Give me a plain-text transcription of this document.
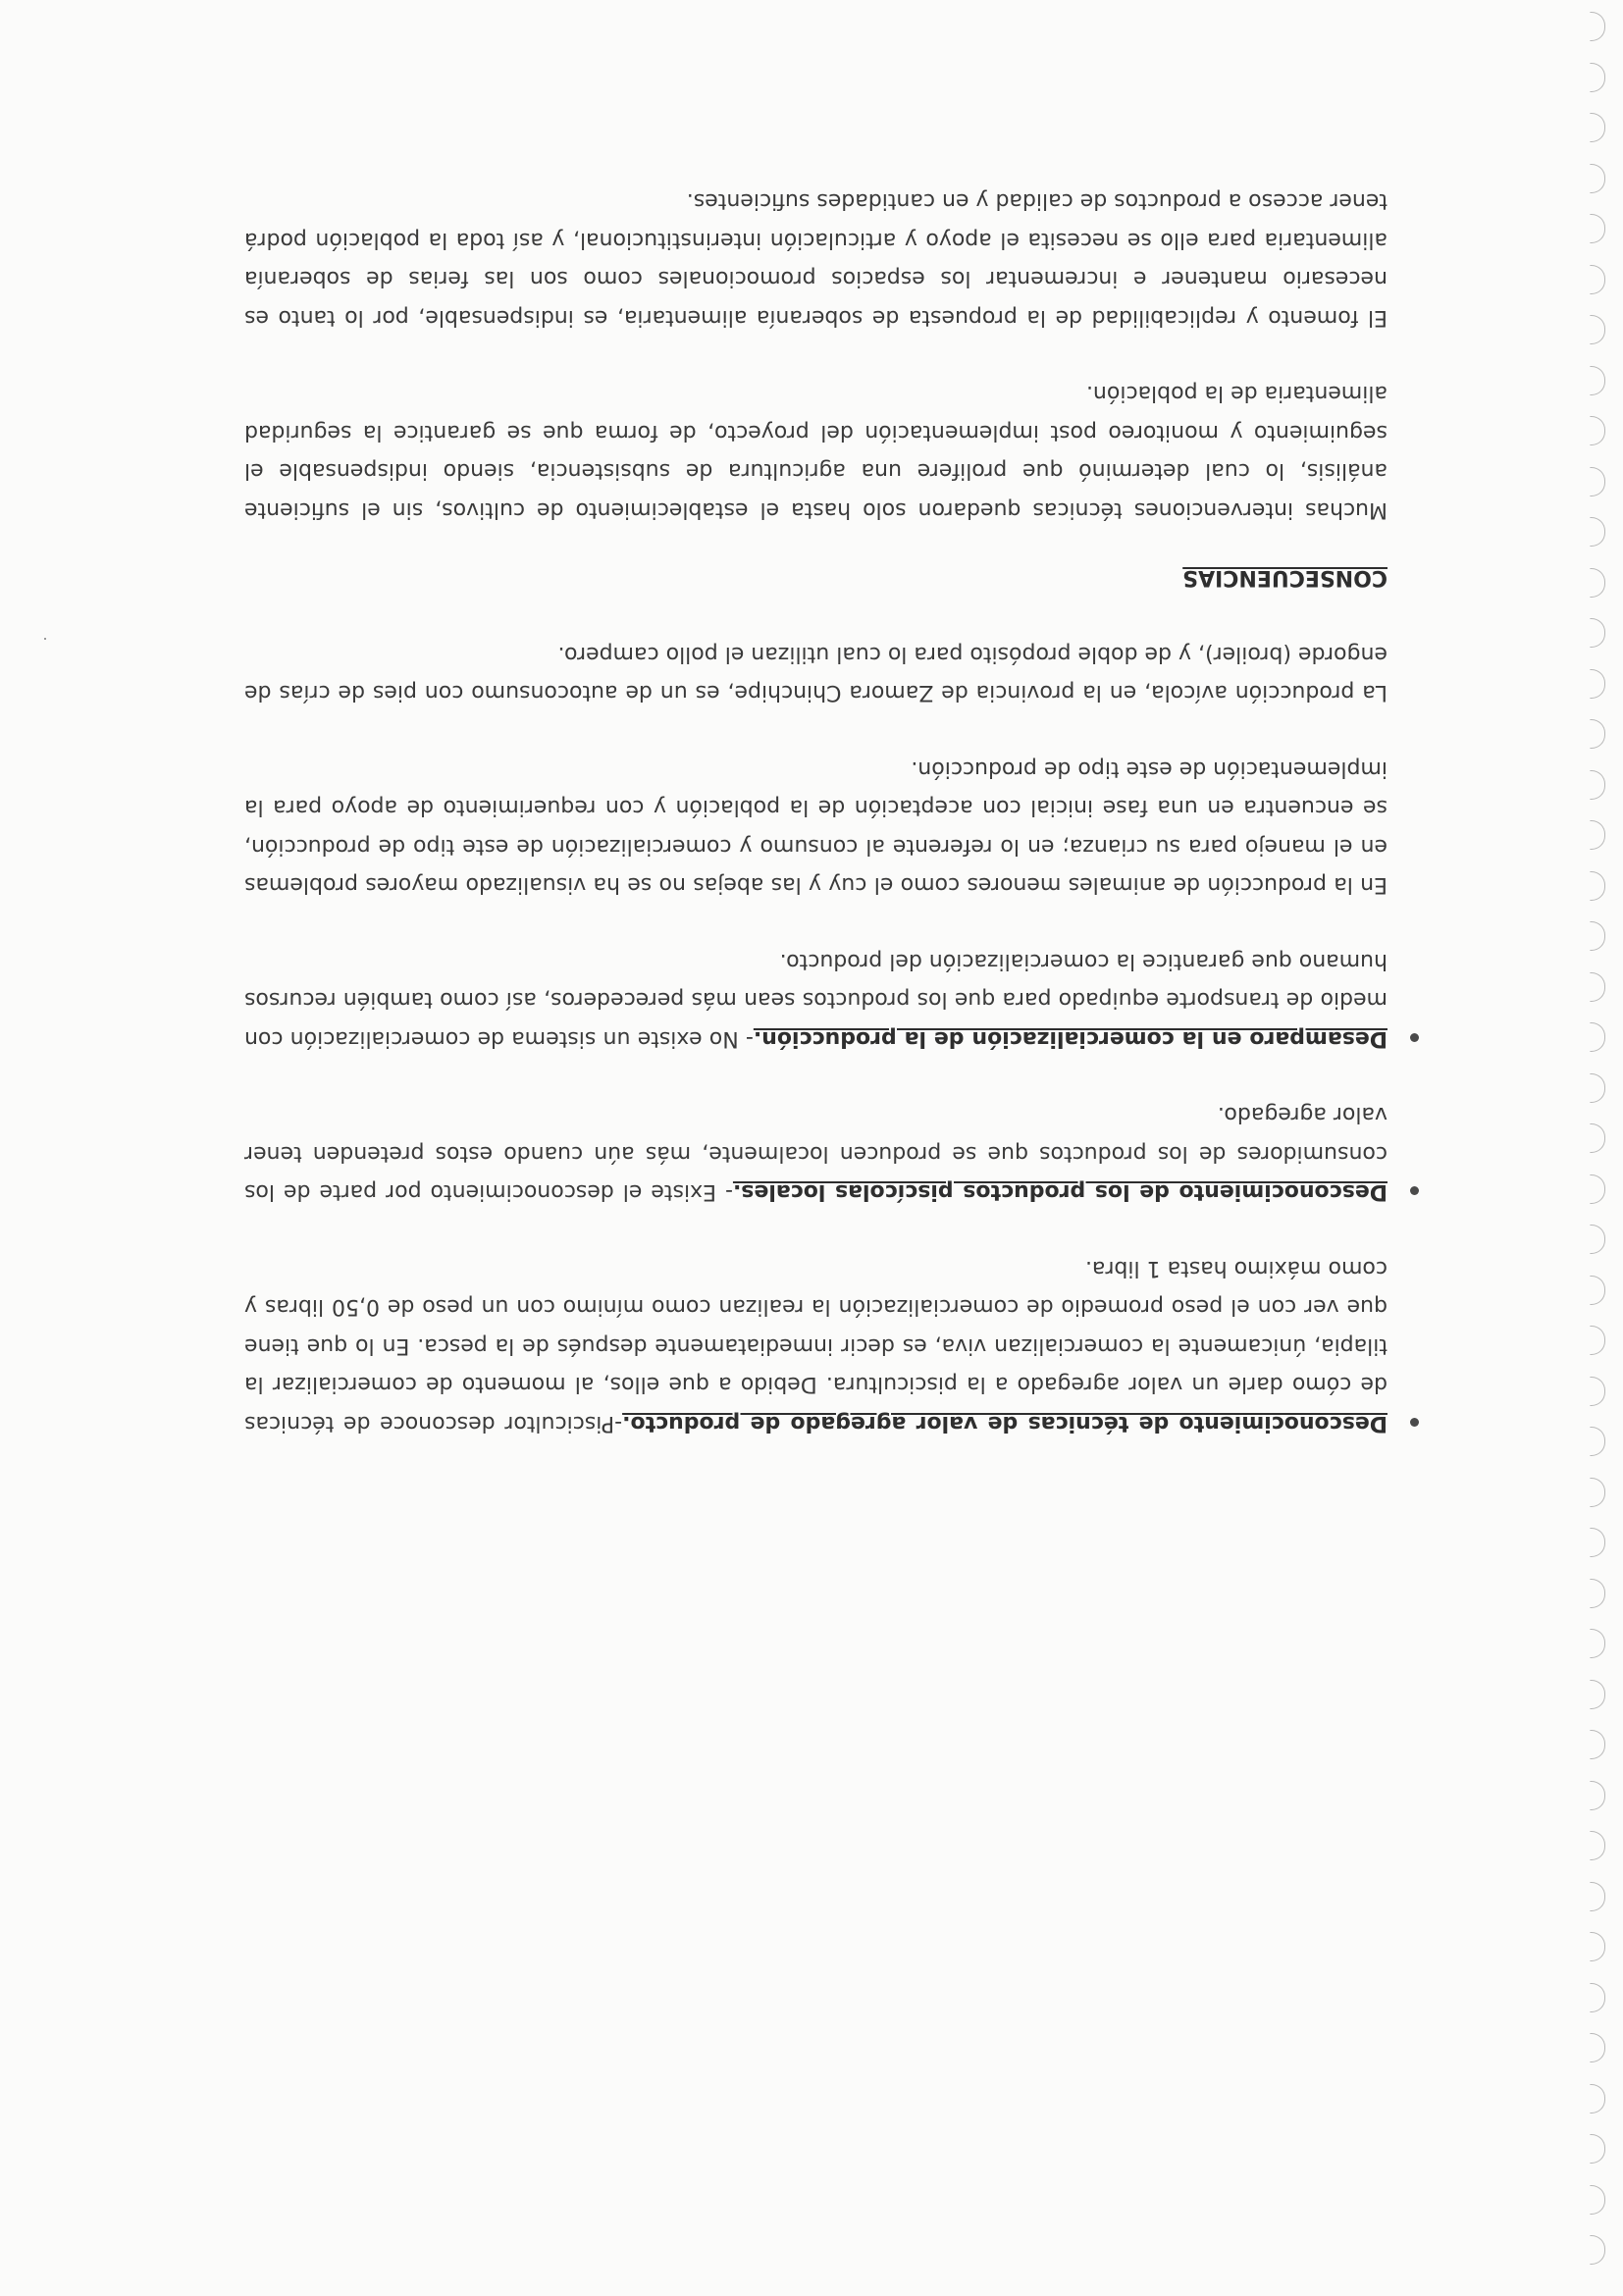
Desconocimiento de técnicas de valor agregado de producto.-Piscicultor desconoce de técnicas de cómo darle un valor agregado a la piscicultura. Debido a que ellos, al momento de comercializar la tilapia, únicamente la comercializan viva, es decir inmediatamente después de la pesca. En lo que tiene que ver con el peso promedio de comercialización la realizan como mínimo con un peso de 0,50 libras y como máximo hasta 1 libra.
Desconocimiento de los productos piscícolas locales.- Existe el desconocimiento por parte de los consumidores de los productos que se producen localmente, más aún cuando estos pretenden tener valor agregado.
Desamparo en la comercialización de la producción.- No existe un sistema de comercialización con medio de transporte equipado para que los productos sean más perecederos, así como también recursos humano que garantice la comercialización del producto.
En la producción de animales menores como el cuy y las abejas no se ha visualizado mayores problemas en el manejo para su crianza; en lo referente al consumo y comercialización de este tipo de producción, se encuentra en una fase inicial con aceptación de la población y con requerimiento de apoyo para la implementación de este tipo de producción.
La producción avícola, en la provincia de Zamora Chinchipe, es un de autoconsumo con pies de crías de engorde (broiler), y de doble propósito para lo cual utilizan el pollo campero.
CONSECUENCIAS
Muchas intervenciones técnicas quedaron solo hasta el establecimiento de cultivos, sin el suficiente análisis, lo cual determinó que prolifere una agricultura de subsistencia, siendo indispensable el seguimiento y monitoreo post implementación del proyecto, de forma que se garantice la seguridad alimentaria de la población.
El fomento y replicabilidad de la propuesta de soberanía alimentaria, es indispensable, por lo tanto es necesario mantener e incrementar los espacios promocionales como son las ferias de soberanía alimentaria para ello se necesita el apoyo y articulación interinstitucional, y así toda la población podrá tener acceso a productos de calidad y en cantidades suficientes.
